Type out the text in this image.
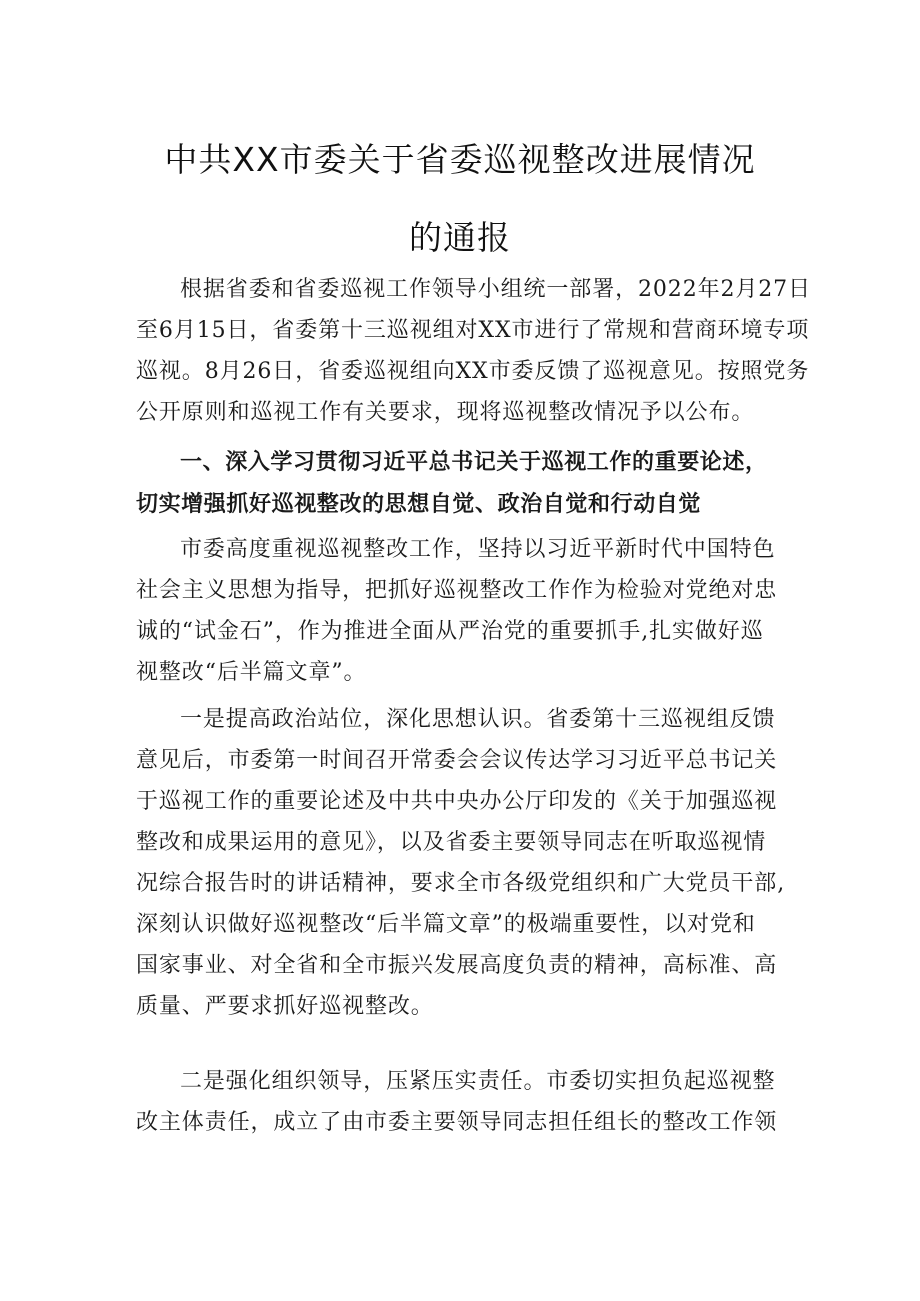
中共XX市委关于省委巡视整改进展情况
的通报
根据省委和省委巡视工作领导小组统一部署，2022年2月27日
至6月15日，省委第十三巡视组对XX市进行了常规和营商环境专项
巡视。8月26日，省委巡视组向XX市委反馈了巡视意见。按照党务
公开原则和巡视工作有关要求，现将巡视整改情况予以公布。
一、深入学习贯彻习近平总书记关于巡视工作的重要论述，
切实增强抓好巡视整改的思想自觉、政治自觉和行动自觉
市委高度重视巡视整改工作，坚持以习近平新时代中国特色
社会主义思想为指导，把抓好巡视整改工作作为检验对党绝对忠
诚的“试金石”，作为推进全面从严治党的重要抓手,扎实做好巡
视整改“后半篇文章”。
一是提高政治站位，深化思想认识。省委第十三巡视组反馈
意见后，市委第一时间召开常委会会议传达学习习近平总书记关
于巡视工作的重要论述及中共中央办公厅印发的《关于加强巡视
整改和成果运用的意见》，以及省委主要领导同志在听取巡视情
况综合报告时的讲话精神，要求全市各级党组织和广大党员干部,
深刻认识做好巡视整改“后半篇文章”的极端重要性，以对党和
国家事业、对全省和全市振兴发展高度负责的精神，高标准、高
质量、严要求抓好巡视整改。
二是强化组织领导，压紧压实责任。市委切实担负起巡视整
改主体责任，成立了由市委主要领导同志担任组长的整改工作领
